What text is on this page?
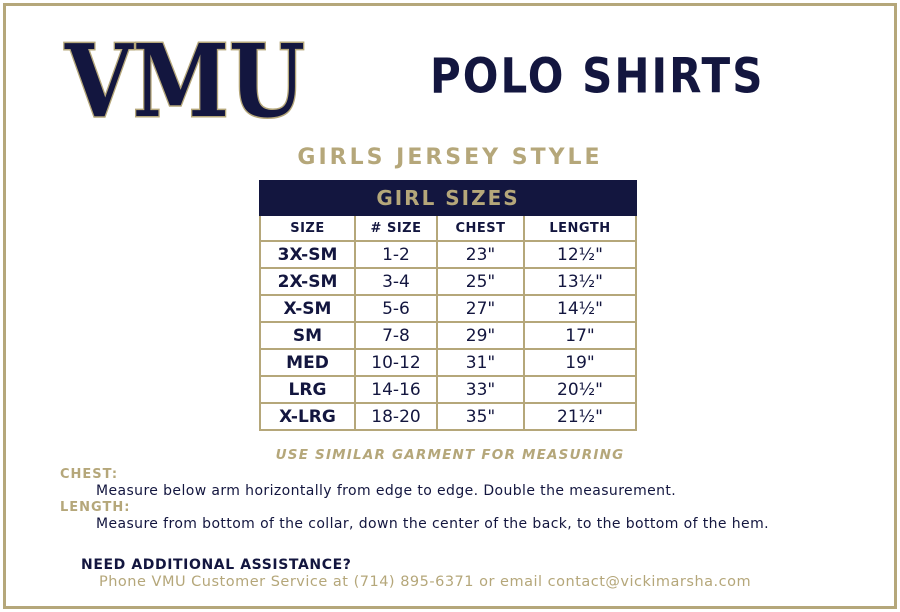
VMU	POLO SHIRTS
GIRLS JERSEY STYLE
GIRL SIZES			
SIZE	# SIZE	CHEST	LENGTH
3X-SM	1-2	23"	12½"
2X-SM	3-4	25"	13½"
X-SM	5-6	27"	14½"
SM	7-8	29"	17"
MED	10-12	31"	19"
LRG	14-16	33"	20½"
X-LRG	18-20	35"	21½"
USE SIMILAR GARMENT FOR MEASURING
CHEST:
Measure below arm horizontally from edge to edge. Double the measurement.
LENGTH:
Measure from bottom of the collar, down the center of the back, to the bottom of the hem.
NEED ADDITIONAL ASSISTANCE?
Phone VMU Customer Service at (714) 895-6371 or email contact@vickimarsha.com
